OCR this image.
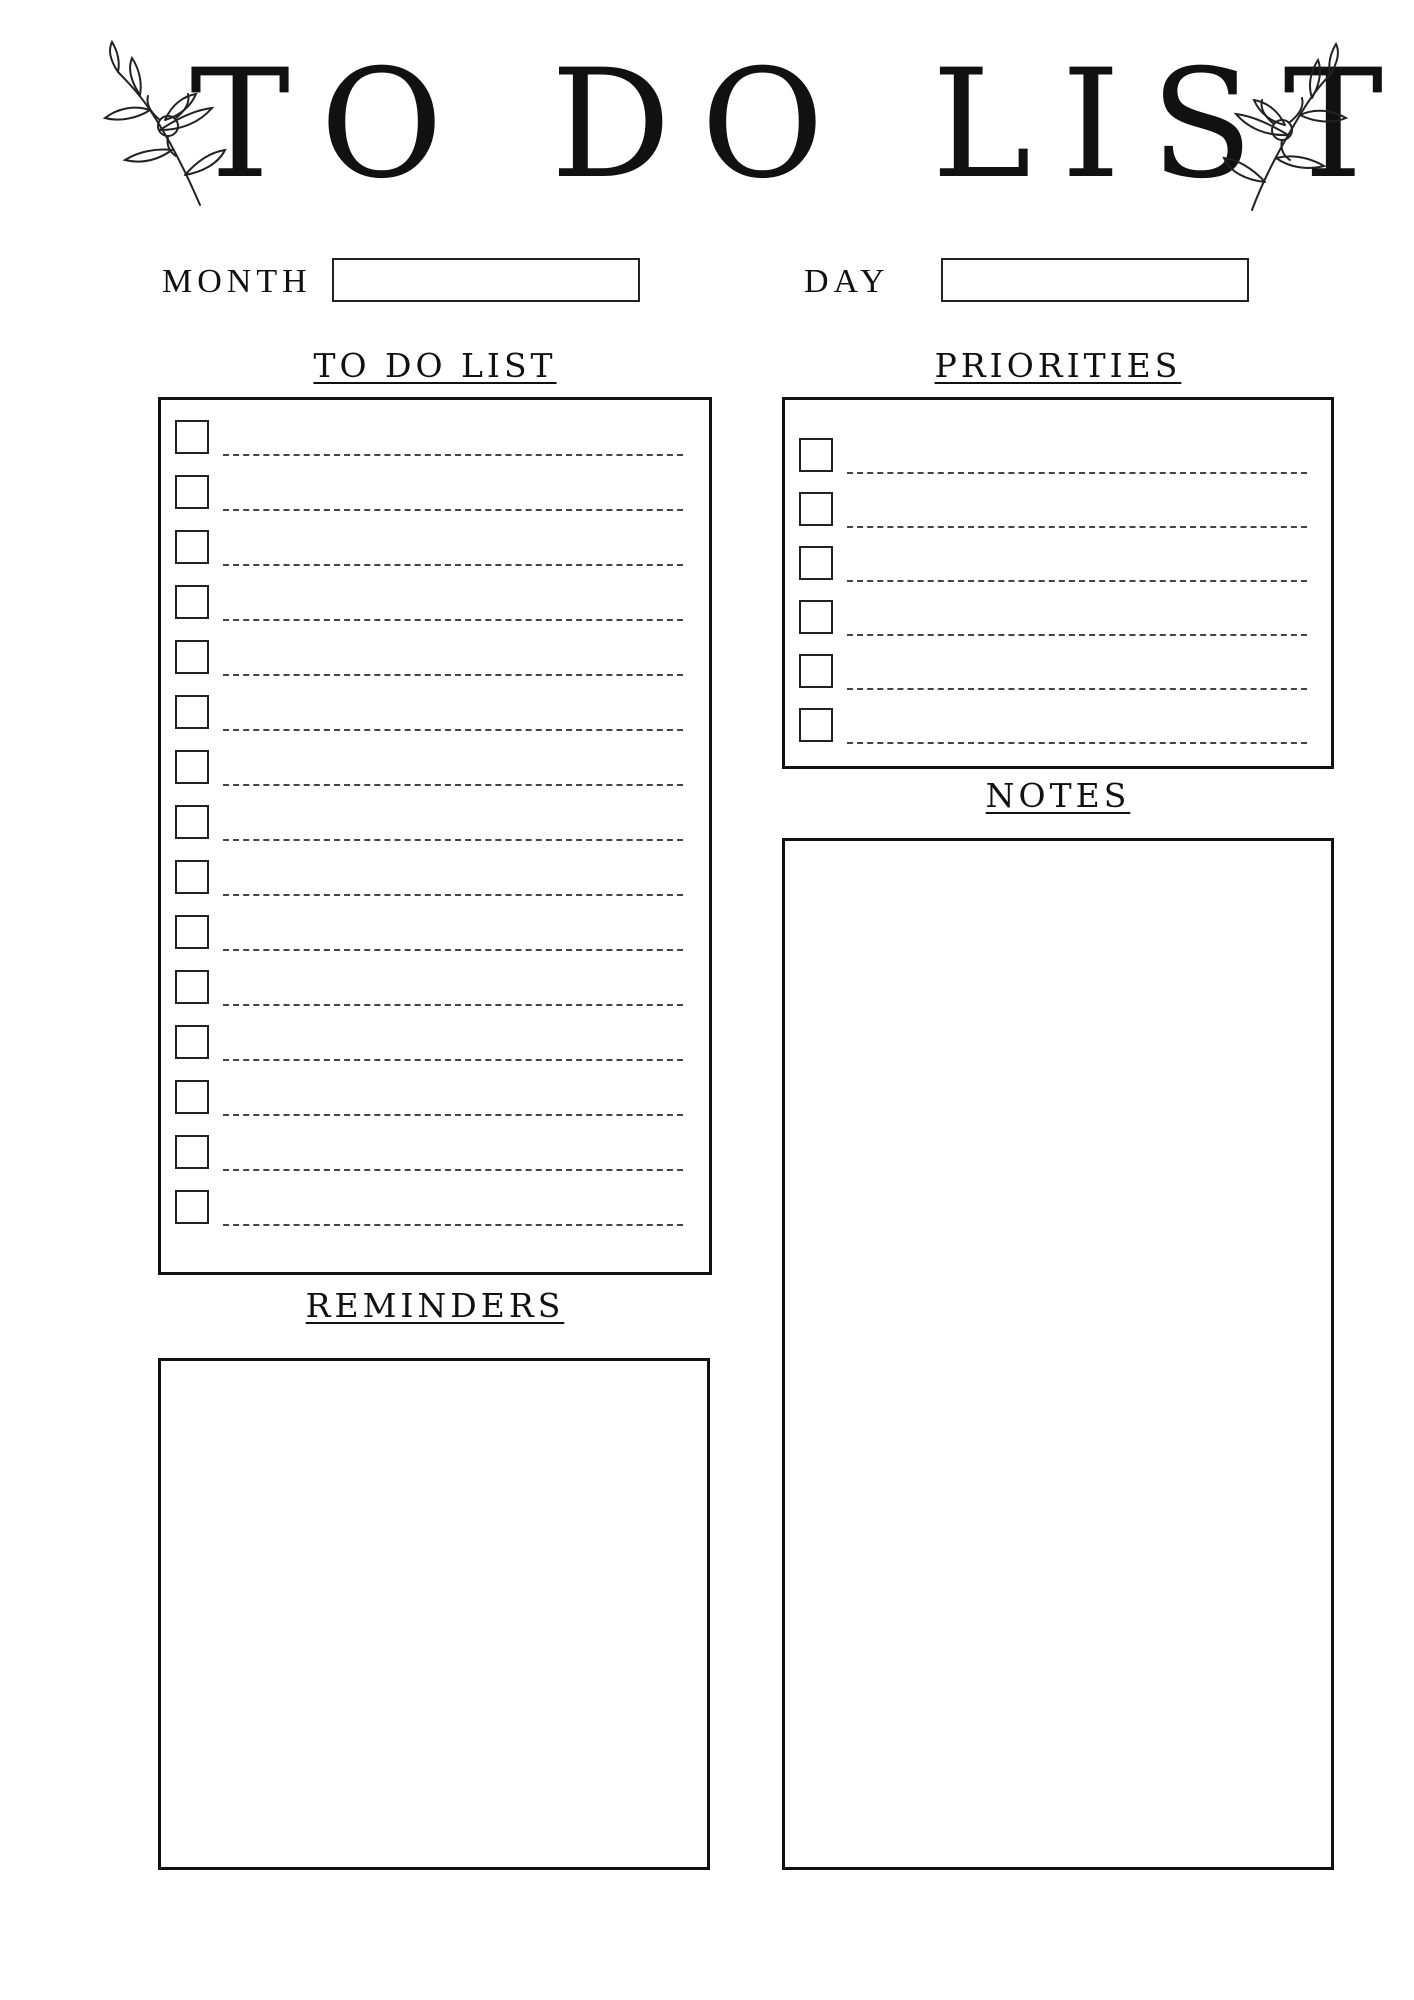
TO DO LIST
MONTH	DAY
TO DO LIST	PRIORITIES
NOTES
REMINDERS
